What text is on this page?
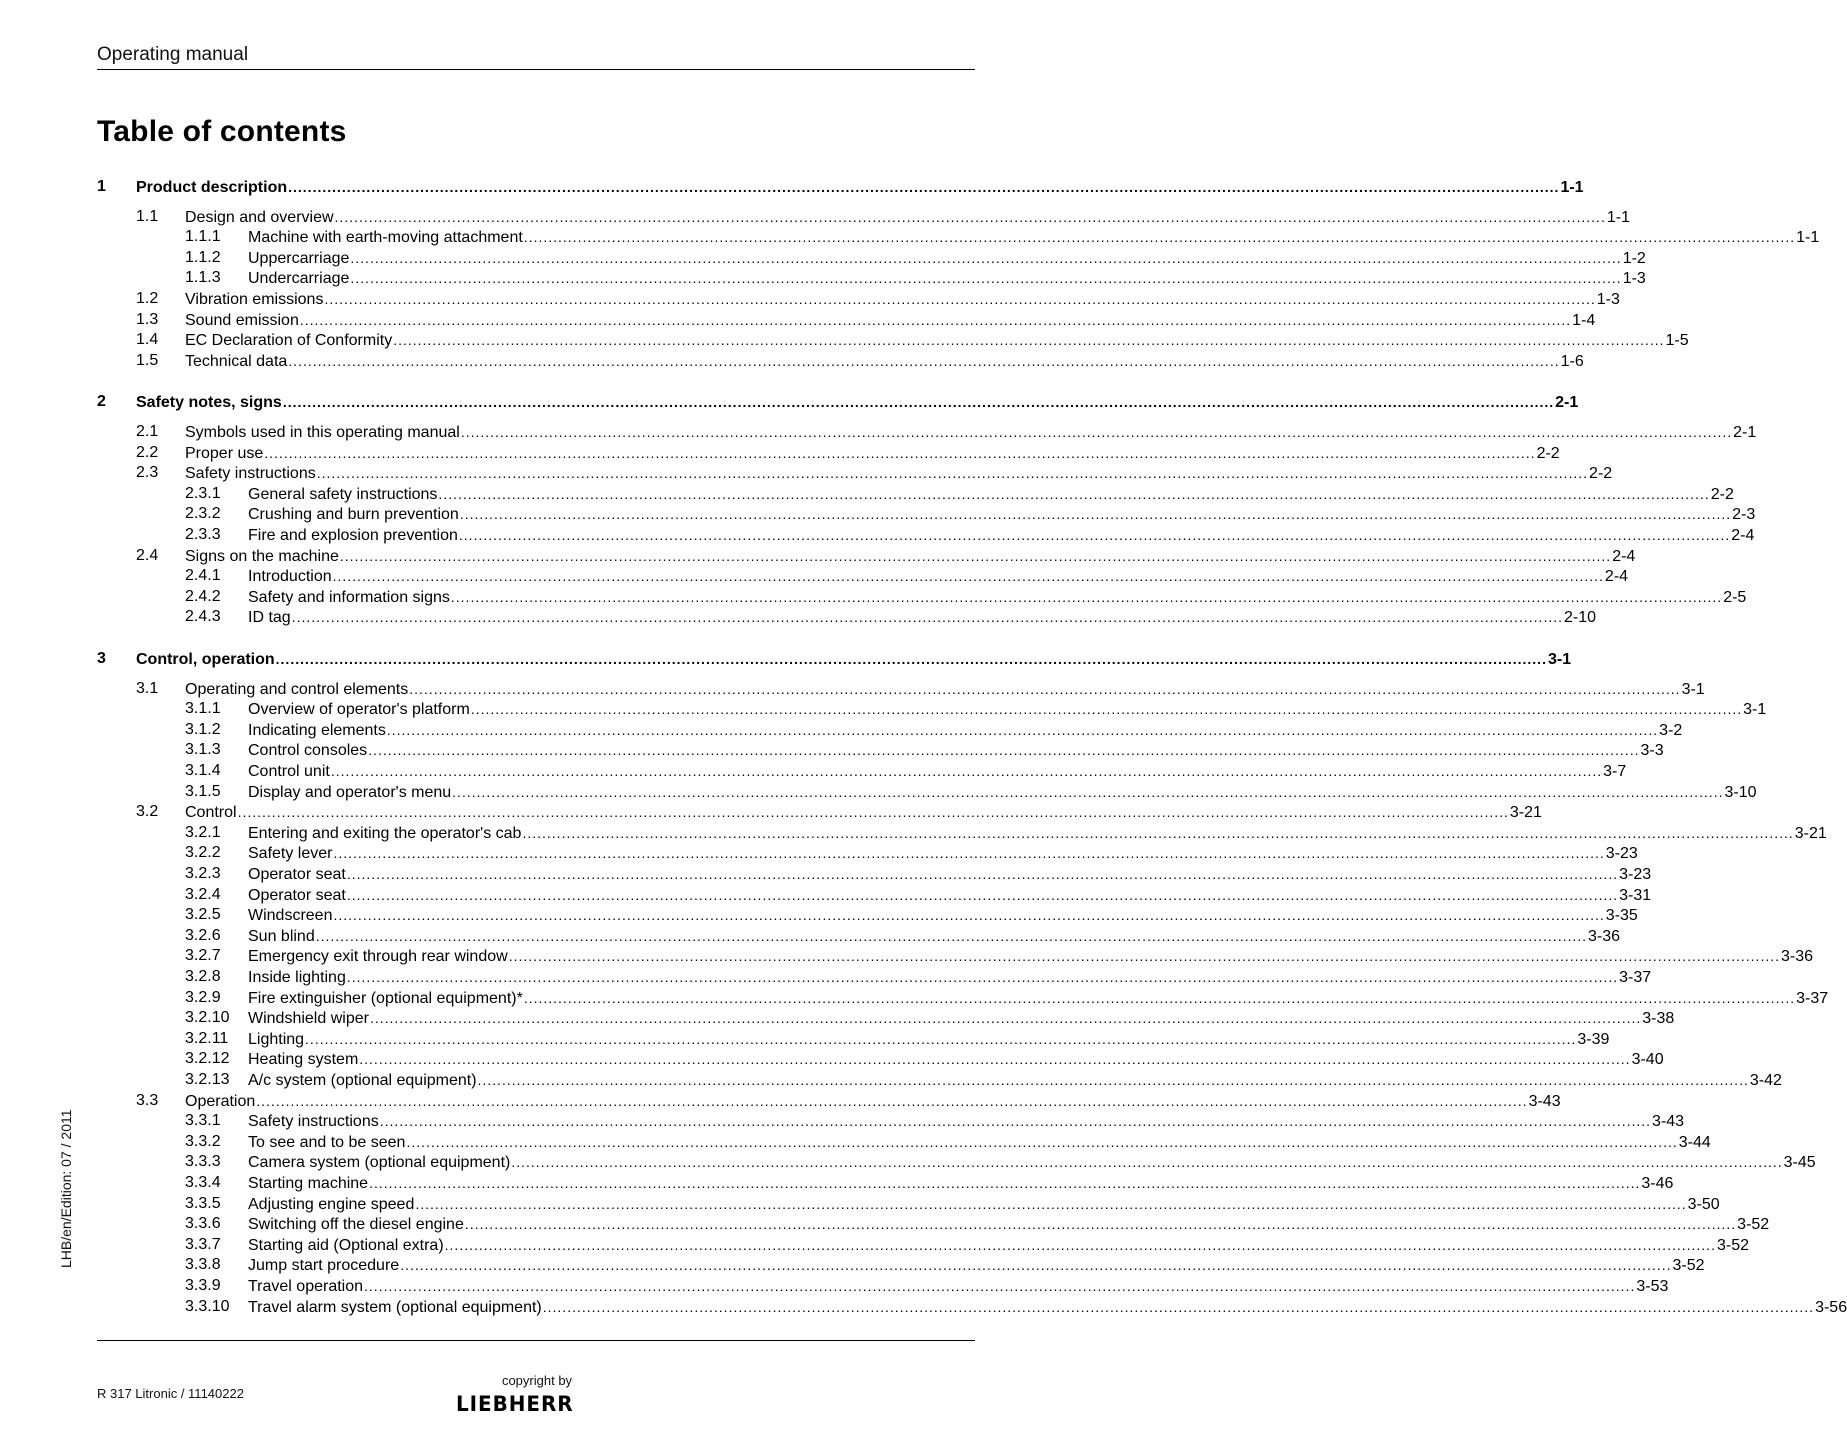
Operating manual
Table of contents
1 Product description .................................................................................................................................................................................................................................................................... 1-1
1.1 Design and overview .................................................................................................................................................................................................................................................................... 1-1
1.1.1 Machine with earth-moving attachment .................................................................................................................................................................................................................................................................... 1-1
1.1.2 Uppercarriage .................................................................................................................................................................................................................................................................... 1-2
1.1.3 Undercarriage .................................................................................................................................................................................................................................................................... 1-3
1.2 Vibration emissions .................................................................................................................................................................................................................................................................... 1-3
1.3 Sound emission .................................................................................................................................................................................................................................................................... 1-4
1.4 EC Declaration of Conformity .................................................................................................................................................................................................................................................................... 1-5
1.5 Technical data .................................................................................................................................................................................................................................................................... 1-6
2 Safety notes, signs .................................................................................................................................................................................................................................................................... 2-1
2.1 Symbols used in this operating manual .................................................................................................................................................................................................................................................................... 2-1
2.2 Proper use .................................................................................................................................................................................................................................................................... 2-2
2.3 Safety instructions .................................................................................................................................................................................................................................................................... 2-2
2.3.1 General safety instructions .................................................................................................................................................................................................................................................................... 2-2
2.3.2 Crushing and burn prevention .................................................................................................................................................................................................................................................................... 2-3
2.3.3 Fire and explosion prevention .................................................................................................................................................................................................................................................................... 2-4
2.4 Signs on the machine .................................................................................................................................................................................................................................................................... 2-4
2.4.1 Introduction .................................................................................................................................................................................................................................................................... 2-4
2.4.2 Safety and information signs .................................................................................................................................................................................................................................................................... 2-5
2.4.3 ID tag .................................................................................................................................................................................................................................................................... 2-10
3 Control, operation .................................................................................................................................................................................................................................................................... 3-1
3.1 Operating and control elements .................................................................................................................................................................................................................................................................... 3-1
3.1.1 Overview of operator's platform .................................................................................................................................................................................................................................................................... 3-1
3.1.2 Indicating elements .................................................................................................................................................................................................................................................................... 3-2
3.1.3 Control consoles .................................................................................................................................................................................................................................................................... 3-3
3.1.4 Control unit .................................................................................................................................................................................................................................................................... 3-7
3.1.5 Display and operator's menu .................................................................................................................................................................................................................................................................... 3-10
3.2 Control .................................................................................................................................................................................................................................................................... 3-21
3.2.1 Entering and exiting the operator's cab .................................................................................................................................................................................................................................................................... 3-21
3.2.2 Safety lever .................................................................................................................................................................................................................................................................... 3-23
3.2.3 Operator seat .................................................................................................................................................................................................................................................................... 3-23
3.2.4 Operator seat .................................................................................................................................................................................................................................................................... 3-31
3.2.5 Windscreen .................................................................................................................................................................................................................................................................... 3-35
3.2.6 Sun blind .................................................................................................................................................................................................................................................................... 3-36
3.2.7 Emergency exit through rear window .................................................................................................................................................................................................................................................................... 3-36
3.2.8 Inside lighting .................................................................................................................................................................................................................................................................... 3-37
3.2.9 Fire extinguisher (optional equipment)* .................................................................................................................................................................................................................................................................... 3-37
3.2.10 Windshield wiper .................................................................................................................................................................................................................................................................... 3-38
3.2.11 Lighting .................................................................................................................................................................................................................................................................... 3-39
3.2.12 Heating system .................................................................................................................................................................................................................................................................... 3-40
3.2.13 A/c system (optional equipment) .................................................................................................................................................................................................................................................................... 3-42
3.3 Operation .................................................................................................................................................................................................................................................................... 3-43
3.3.1 Safety instructions .................................................................................................................................................................................................................................................................... 3-43
3.3.2 To see and to be seen .................................................................................................................................................................................................................................................................... 3-44
3.3.3 Camera system (optional equipment) .................................................................................................................................................................................................................................................................... 3-45
3.3.4 Starting machine .................................................................................................................................................................................................................................................................... 3-46
3.3.5 Adjusting engine speed .................................................................................................................................................................................................................................................................... 3-50
3.3.6 Switching off the diesel engine .................................................................................................................................................................................................................................................................... 3-52
3.3.7 Starting aid (Optional extra) .................................................................................................................................................................................................................................................................... 3-52
3.3.8 Jump start procedure .................................................................................................................................................................................................................................................................... 3-52
3.3.9 Travel operation .................................................................................................................................................................................................................................................................... 3-53
3.3.10 Travel alarm system (optional equipment) .................................................................................................................................................................................................................................................................... 3-56
LHB/en/Edition: 07 / 2011
R 317 Litronic / 11140222
copyright by
LIEBHERR
